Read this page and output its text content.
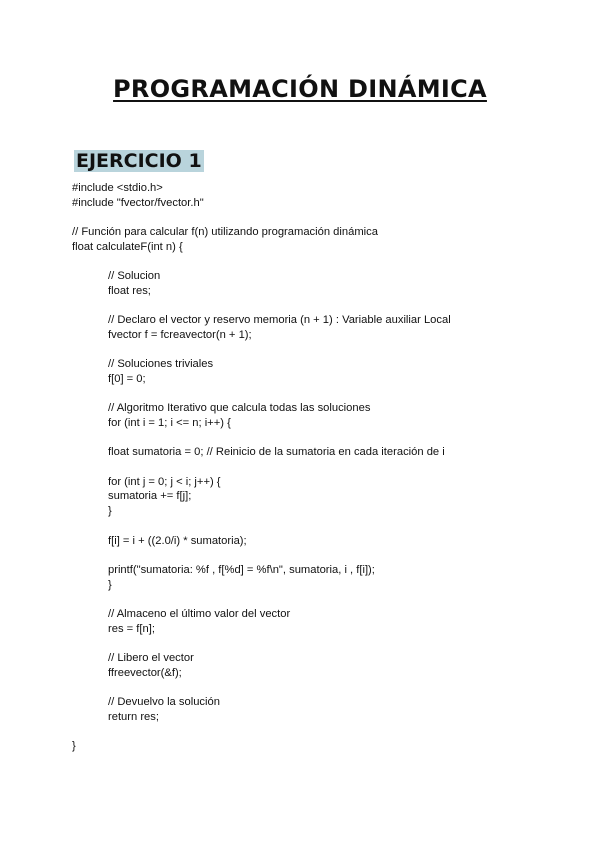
PROGRAMACIÓN DINÁMICA
EJERCICIO 1
#include <stdio.h>
#include "fvector/fvector.h"
// Función para calcular f(n) utilizando programación dinámica
float calculateF(int n) {
// Solucion
float res;
// Declaro el vector y reservo memoria (n + 1) : Variable auxiliar Local
fvector f = fcreavector(n + 1);
// Soluciones triviales
f[0] = 0;
// Algoritmo Iterativo que calcula todas las soluciones
for (int i = 1; i <= n; i++) {
float sumatoria = 0; // Reinicio de la sumatoria en cada iteración de i
for (int j = 0; j < i; j++) {
sumatoria += f[j];
}
f[i] = i + ((2.0/i) * sumatoria);
printf("sumatoria: %f , f[%d] = %f\n", sumatoria, i , f[i]);
}
// Almaceno el último valor del vector
res = f[n];
// Libero el vector
ffreevector(&f);
// Devuelvo la solución
return res;
}
